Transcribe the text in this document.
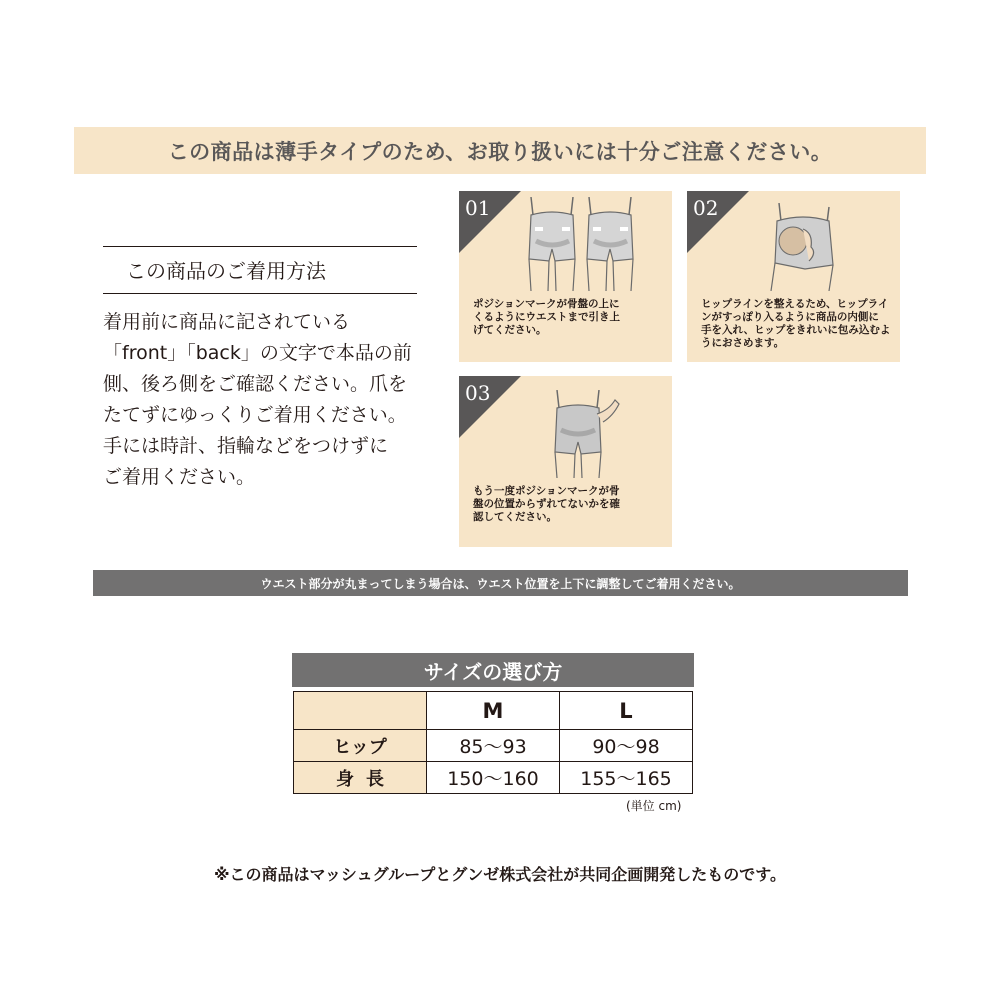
この商品は薄手タイプのため、お取り扱いには十分ご注意ください。
この商品のご着用方法
着用前に商品に記されている
「front」「back」の文字で本品の前
側、後ろ側をご確認ください。爪を
たてずにゆっくりご着用ください。
手には時計、指輪などをつけずに
ご着用ください。
01
ポジションマークが骨盤の上に
くるようにウエストまで引き上
げてください。
02
ヒップラインを整えるため、ヒップライ
ンがすっぽり入るように商品の内側に
手を入れ、ヒップをきれいに包み込むよ
うにおさめます。
03
もう一度ポジションマークが骨
盤の位置からずれてないかを確
認してください。
ウエスト部分が丸まってしまう場合は、ウエスト位置を上下に調整してご着用ください。
サイズの選び方
	M	L
ヒップ	85～93	90～98
身長	150～160	155～165
(単位 cm)
※この商品はマッシュグループとグンゼ株式会社が共同企画開発したものです。
